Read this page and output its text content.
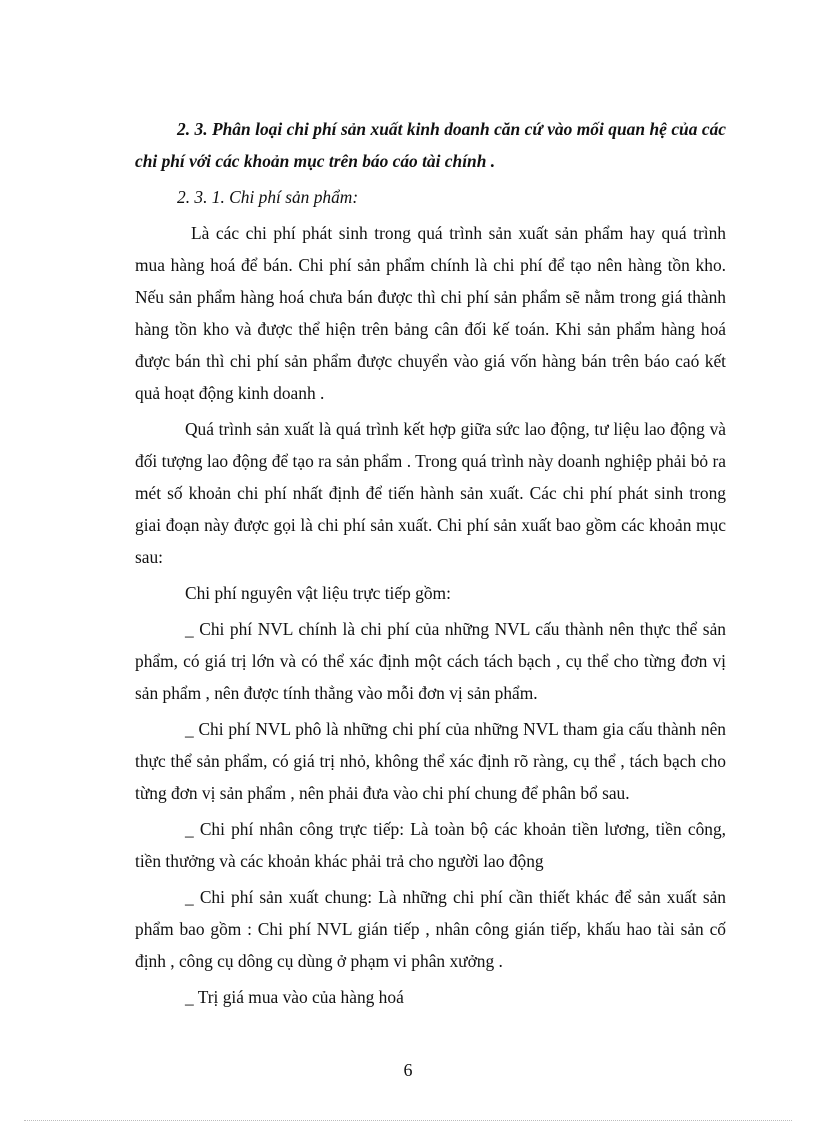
2. 3. Phân loại chi phí sản xuất kinh doanh căn cứ vào mối quan hệ của các chi phí với các khoản mục trên báo cáo tài chính .

2. 3. 1. Chi phí sản phẩm:

Là các chi phí phát sinh trong quá trình sản xuất sản phẩm hay quá trình mua hàng hoá để bán. Chi phí sản phẩm chính là chi phí để tạo nên hàng tồn kho. Nếu sản phẩm hàng hoá chưa bán được thì chi phí sản phẩm sẽ nằm trong giá thành hàng tồn kho và được thể hiện trên bảng cân đối kế toán. Khi sản phẩm hàng hoá được bán thì chi phí sản phẩm được chuyển vào giá vốn hàng bán trên báo caó kết quả hoạt động kinh doanh .

Quá trình sản xuất là quá trình kết hợp giữa sức lao động, tư liệu lao động và đối tượng lao động để tạo ra sản phẩm . Trong quá trình này doanh nghiệp phải bỏ ra mét số khoản chi phí nhất định để tiến hành sản xuất. Các chi phí phát sinh trong giai đoạn này được gọi là chi phí sản xuất. Chi phí sản xuất bao gồm các khoản mục sau:

Chi phí nguyên vật liệu trực tiếp gồm:

_ Chi phí NVL chính là chi phí của những NVL cấu thành nên thực thể sản phẩm, có giá trị lớn và có thể xác định một cách tách bạch , cụ thể cho từng đơn vị sản phẩm , nên được tính thẳng vào mỗi đơn vị sản phẩm.

_ Chi phí NVL phô là những chi phí của những NVL tham gia cấu thành nên thực thể sản phẩm, có giá trị nhỏ, không thể xác định rõ ràng, cụ thể , tách bạch cho từng đơn vị sản phẩm , nên phải đưa vào chi phí chung để phân bổ sau.

_ Chi phí nhân công trực tiếp: Là toàn bộ các khoản tiền lương, tiền công, tiền thưởng và các khoản khác phải trả cho người lao động

_ Chi phí sản xuất chung: Là những chi phí cần thiết khác để sản xuất sản phẩm bao gồm : Chi phí NVL gián tiếp , nhân công gián tiếp, khấu hao tài sản cố định , công cụ dông cụ dùng ở phạm vi phân xưởng .

_ Trị giá mua vào của hàng hoá

6
